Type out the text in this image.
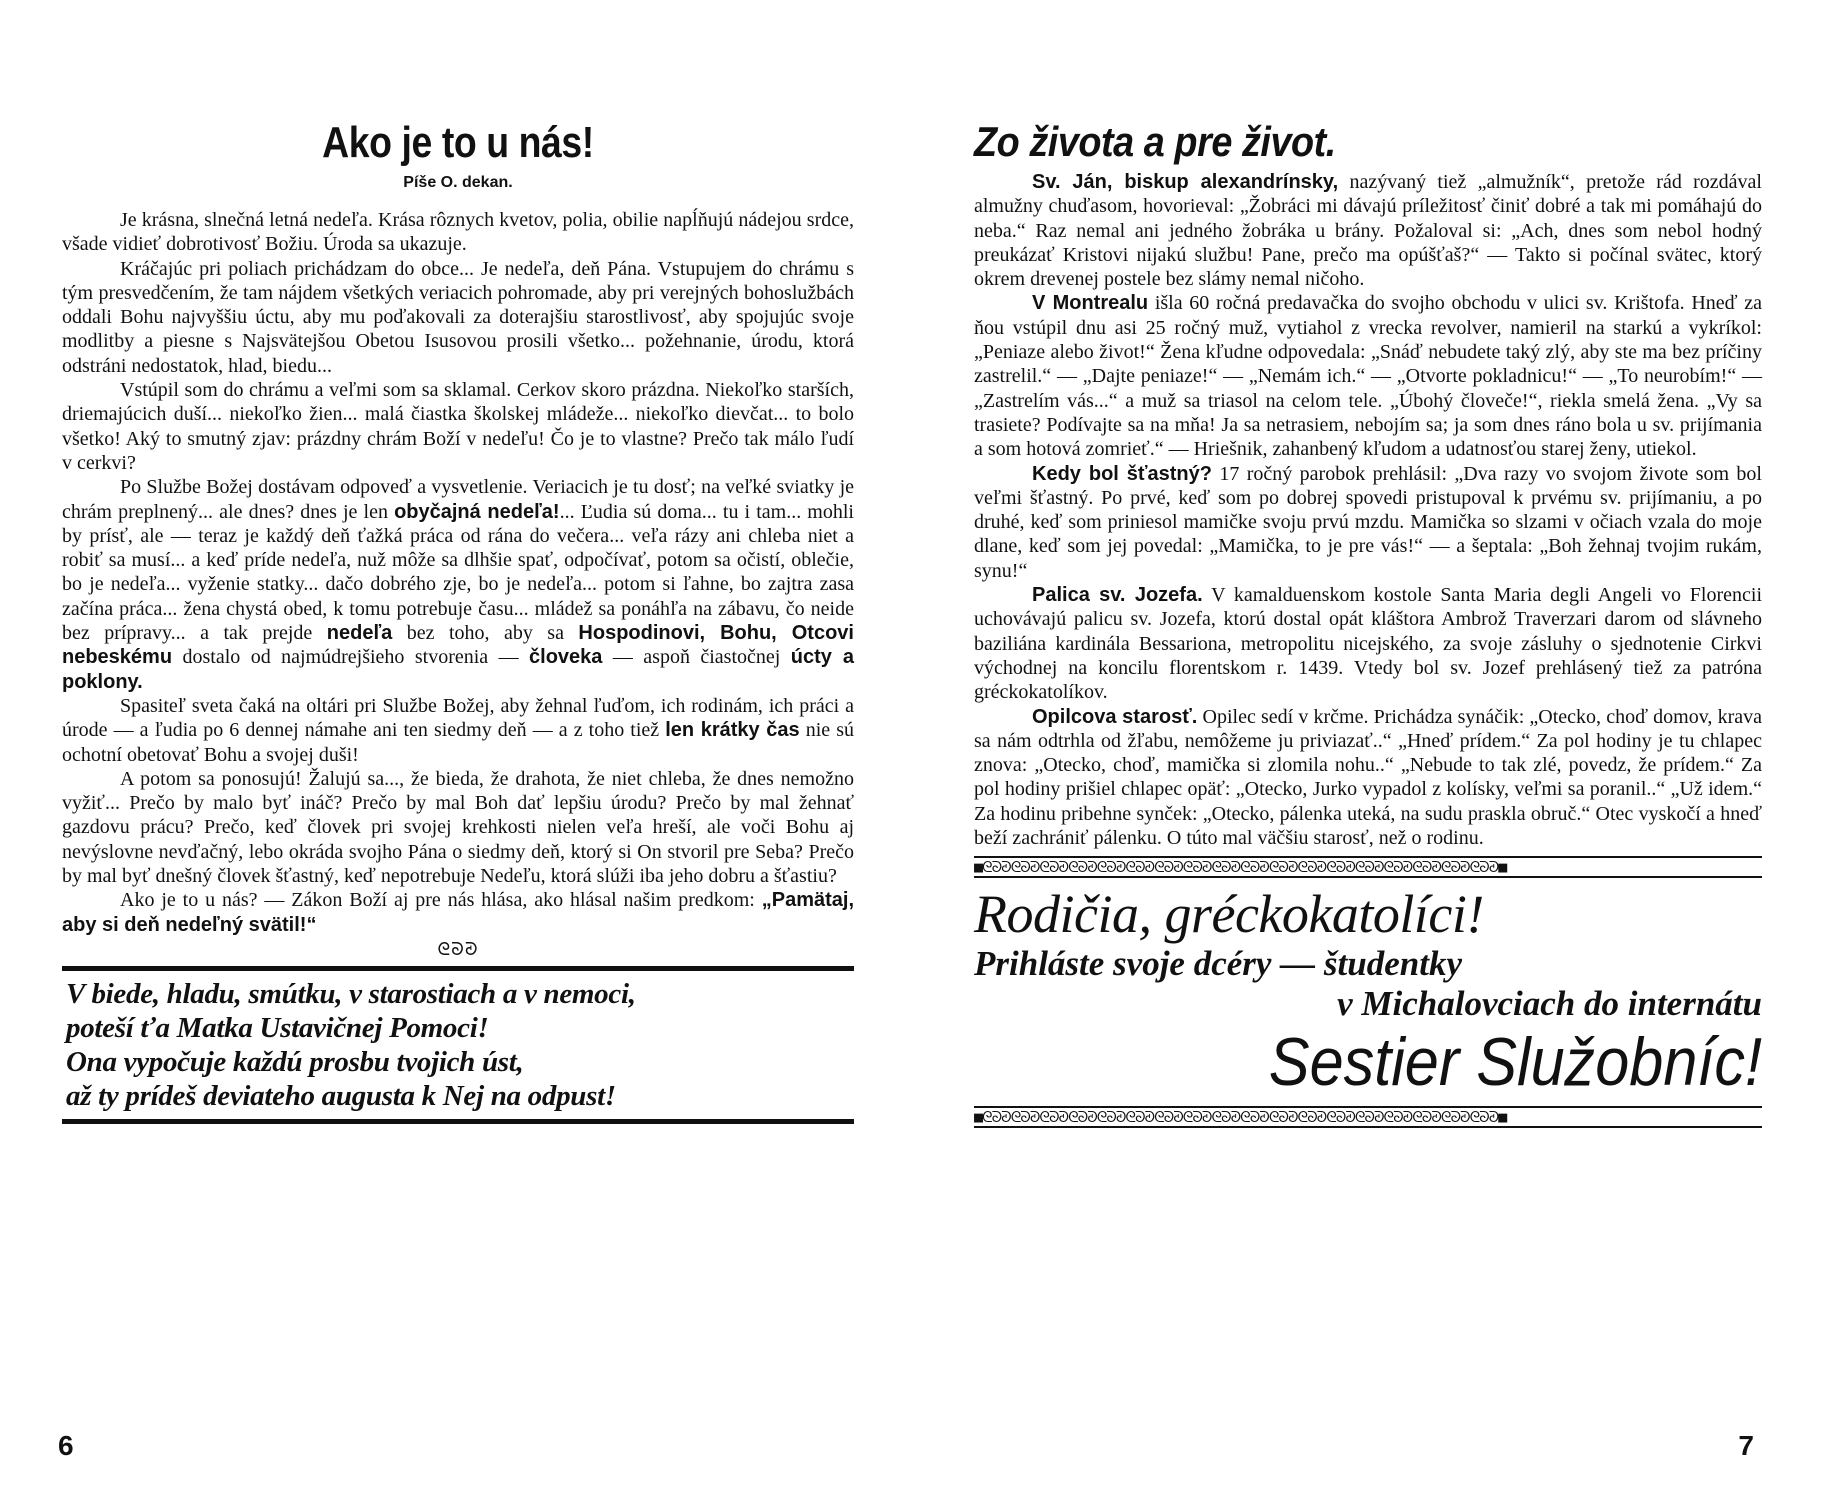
Ako je to u nás!
Píše O. dekan.

Je krásna, slnečná letná nedeľa. Krása rôznych kvetov, polia, obilie napĺňujú nádejou srdce, všade vidieť dobrotivosť Božiu. Úroda sa ukazuje.

Kráčajúc pri poliach prichádzam do obce... Je nedeľa, deň Pána. Vstupujem do chrámu s tým presvedčením, že tam nájdem všetkých veriacich pohromade, aby pri verejných bohoslužbách oddali Bohu najvyššiu úctu, aby mu poďakovali za doterajšiu starostlivosť, aby spojujúc svoje modlitby a piesne s Najsvätejšou Obetou Isusovou prosili všetko... požehnanie, úrodu, ktorá odstráni nedostatok, hlad, biedu...

Vstúpil som do chrámu a veľmi som sa sklamal. Cerkov skoro prázdna. Niekoľko starších, driemajúcich duší... niekoľko žien... malá čiastka školskej mládeže... niekoľko dievčat... to bolo všetko! Aký to smutný zjav: prázdny chrám Boží v nedeľu! Čo je to vlastne? Prečo tak málo ľudí v cerkvi?

Po Službe Božej dostávam odpoveď a vysvetlenie. Veriacich je tu dosť; na veľké sviatky je chrám preplnený... ale dnes? dnes je len obyčajná nedeľa!... Ľudia sú doma... tu i tam... mohli by prísť, ale — teraz je každý deň ťažká práca od rána do večera... veľa rázy ani chleba niet a robiť sa musí... a keď príde nedeľa, nuž môže sa dlhšie spať, odpočívať, potom sa očistí, oblečie, bo je nedeľa... vyženie statky... dačo dobrého zje, bo je nedeľa... potom si ľahne, bo zajtra zasa začína práca... žena chystá obed, k tomu potrebuje času... mládež sa ponáhľa na zábavu, čo neide bez prípravy... a tak prejde nedeľa bez toho, aby sa Hospodinovi, Bohu, Otcovi nebeskému dostalo od najmúdrejšieho stvorenia — človeka — aspoň čiastočnej úcty a poklony.

Spasiteľ sveta čaká na oltári pri Službe Božej, aby žehnal ľuďom, ich rodinám, ich práci a úrode — a ľudia po 6 dennej námahe ani ten siedmy deň — a z toho tiež len krátky čas nie sú ochotní obetovať Bohu a svojej duši!

A potom sa ponosujú! Žalujú sa..., že bieda, že drahota, že niet chleba, že dnes nemožno vyžiť... Prečo by malo byť ináč? Prečo by mal Boh dať lepšiu úrodu? Prečo by mal žehnať gazdovu prácu? Prečo, keď človek pri svojej krehkosti nielen veľa hreší, ale voči Bohu aj nevýslovne nevďačný, lebo okráda svojho Pána o siedmy deň, ktorý si On stvoril pre Seba? Prečo by mal byť dnešný človek šťastný, keď nepotrebuje Nedeľu, ktorá slúži iba jeho dobru a šťastiu?

Ako je to u nás? — Zákon Boží aj pre nás hlása, ako hlásal našim predkom: „Pamätaj, aby si deň nedeľný svätil!“

ᘓᘐᘑ

V biede, hladu, smútku, v starostiach a v nemoci,

poteší ťa Matka Ustavičnej Pomoci!

Ona vypočuje každú prosbu tvojich úst,

až ty prídeš deviateho augusta k Nej na odpust!

6
Zo života a pre život.

Sv. Ján, biskup alexandrínsky, nazývaný tiež „almužník“, pretože rád rozdával almužny chuďasom, hovorieval: „Žobráci mi dávajú príležitosť činiť dobré a tak mi pomáhajú do neba.“ Raz nemal ani jedného žobráka u brány. Požaloval si: „Ach, dnes som nebol hodný preukázať Kristovi nijakú službu! Pane, prečo ma opúšťaš?“ — Takto si počínal svätec, ktorý okrem drevenej postele bez slámy nemal ničoho.

V Montrealu išla 60 ročná predavačka do svojho obchodu v ulici sv. Krištofa. Hneď za ňou vstúpil dnu asi 25 ročný muž, vytiahol z vrecka revolver, namieril na starkú a vykríkol: „Peniaze alebo život!“ Žena kľudne odpovedala: „Snáď nebudete taký zlý, aby ste ma bez príčiny zastrelil.“ — „Dajte peniaze!“ — „Nemám ich.“ — „Otvorte pokladnicu!“ — „To neurobím!“ — „Zastrelím vás...“ a muž sa triasol na celom tele. „Úbohý človeče!“, riekla smelá žena. „Vy sa trasiete? Podívajte sa na mňa! Ja sa netrasiem, nebojím sa; ja som dnes ráno bola u sv. prijímania a som hotová zomrieť.“ — Hriešnik, zahanbený kľudom a udatnosťou starej ženy, utiekol.

Kedy bol šťastný? 17 ročný parobok prehlásil: „Dva razy vo svojom živote som bol veľmi šťastný. Po prvé, keď som po dobrej spovedi pristupoval k prvému sv. prijímaniu, a po druhé, keď som priniesol mamičke svoju prvú mzdu. Mamička so slzami v očiach vzala do moje dlane, keď som jej povedal: „Mamička, to je pre vás!“ — a šeptala: „Boh žehnaj tvojim rukám, synu!“

Palica sv. Jozefa. V kamalduenskom kostole Santa Maria degli Angeli vo Florencii uchovávajú palicu sv. Jozefa, ktorú dostal opát kláštora Ambrož Traverzari darom od slávneho baziliána kardinála Bessariona, metropolitu nicejského, za svoje zásluhy o sjednotenie Cirkvi východnej na koncilu florentskom r. 1439. Vtedy bol sv. Jozef prehlásený tiež za patróna gréckokatolíkov.

Opilcova starosť. Opilec sedí v krčme. Prichádza synáčik: „Otecko, choď domov, krava sa nám odtrhla od žľabu, nemôžeme ju priviazať..“ „Hneď prídem.“ Za pol hodiny je tu chlapec znova: „Otecko, choď, mamička si zlomila nohu..“ „Nebude to tak zlé, povedz, že prídem.“ Za pol hodiny prišiel chlapec opäť: „Otecko, Jurko vypadol z kolísky, veľmi sa poranil..“ „Už idem.“ Za hodinu pribehne synček: „Otecko, pálenka uteká, na sudu praskla obruč.“ Otec vyskočí a hneď beží zachrániť pálenku. O túto mal väčšiu starosť, než o rodinu.

■ᘓᘐᘑᘓᘐᘑᘓᘐᘑᘓᘐᘑᘓᘐᘑᘓᘐᘑᘓᘐᘑᘓᘐᘑᘓᘐᘑᘓᘐᘑᘓᘐᘑᘓᘐᘑᘓᘐᘑᘓᘐᘑᘓᘐᘑᘓᘐᘑᘓᘐᘑᘓᘐᘑ■

Rodičia, gréckokatolíci!

Prihláste svoje dcéry — študentky

v Michalovciach do internátu

Sestier Služobníc!

■ᘓᘐᘑᘓᘐᘑᘓᘐᘑᘓᘐᘑᘓᘐᘑᘓᘐᘑᘓᘐᘑᘓᘐᘑᘓᘐᘑᘓᘐᘑᘓᘐᘑᘓᘐᘑᘓᘐᘑᘓᘐᘑᘓᘐᘑᘓᘐᘑᘓᘐᘑᘓᘐᘑ■
7
